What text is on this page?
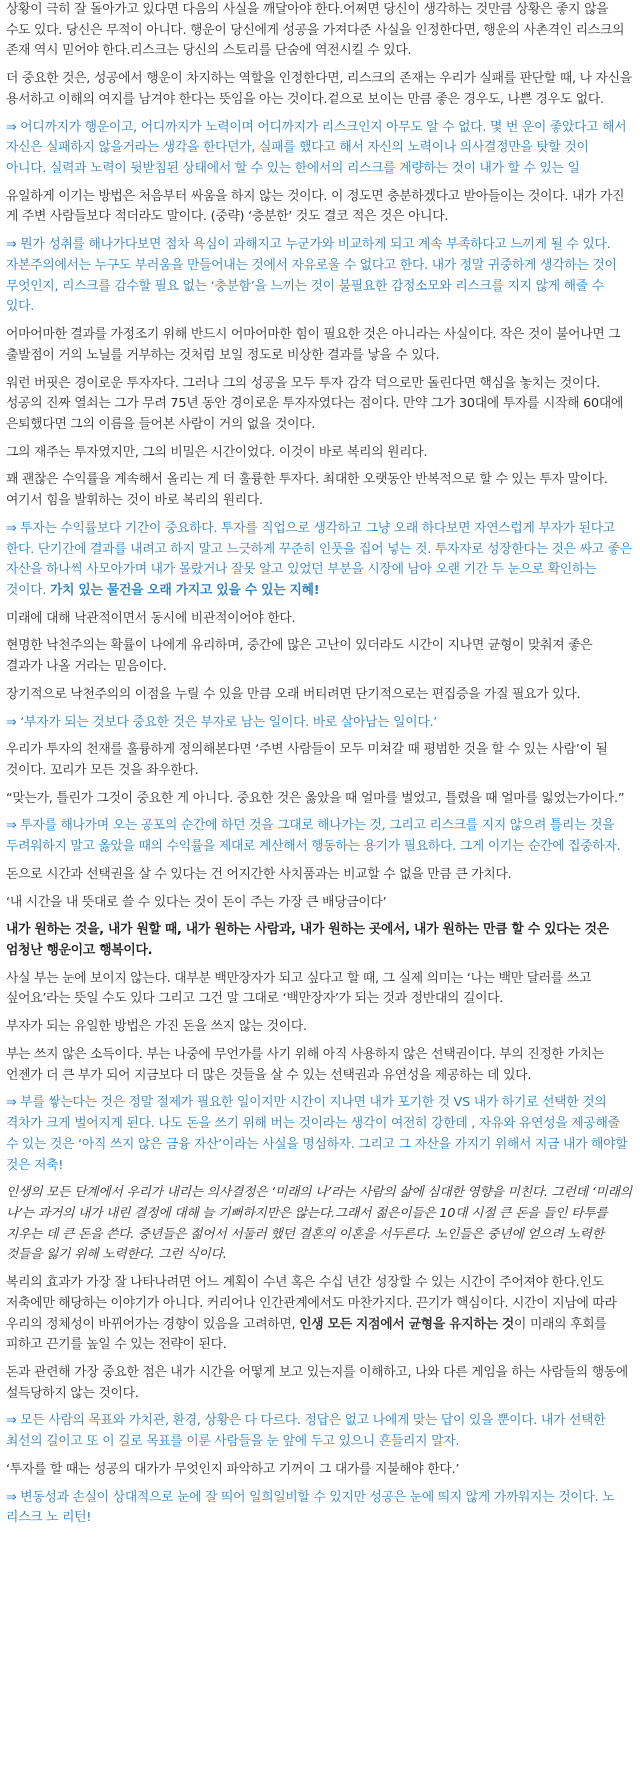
상황이 극히 잘 돌아가고 있다면 다음의 사실을 깨달아야 한다.어쩌면 당신이 생각하는 것만큼 상황은 좋지 않을 수도 있다. 당신은 무적이 아니다. 행운이 당신에게 성공을 가져다준 사실을 인정한다면, 행운의 사촌격인 리스크의 존재 역시 믿어야 한다.리스크는 당신의 스토리를 단숨에 역전시킬 수 있다.

더 중요한 것은, 성공에서 행운이 차지하는 역할을 인정한다면, 리스크의 존재는 우리가 실패를 판단할 때, 나 자신을 용서하고 이해의 여지를 남겨야 한다는 뜻임을 아는 것이다.겉으로 보이는 만큼 좋은 경우도, 나쁜 경우도 없다.

⇒ 어디까지가 행운이고, 어디까지가 노력이며 어디까지가 리스크인지 아무도 알 수 없다. 몇 번 운이 좋았다고 해서 자신은 실패하지 않을거라는 생각을 한다던가, 실패를 했다고 해서 자신의 노력이나 의사결정만을 탓할 것이 아니다. 실력과 노력이 뒷받침된 상태에서 할 수 있는 한에서의 리스크를 계량하는 것이 내가 할 수 있는 일

유일하게 이기는 방법은 처음부터 싸움을 하지 않는 것이다. 이 정도면 충분하겠다고 받아들이는 것이다. 내가 가진 게 주변 사람들보다 적더라도 말이다. (중략) ‘충분한’ 것도 결코 적은 것은 아니다.

⇒ 뭔가 성취를 해나가다보면 점차 욕심이 과해지고 누군가와 비교하게 되고 계속 부족하다고 느끼게 될 수 있다. 자본주의에서는 누구도 부러움을 만들어내는 것에서 자유로울 수 없다고 한다. 내가 정말 귀중하게 생각하는 것이 무엇인지, 리스크를 감수할 필요 없는 ‘충분함’을 느끼는 것이 불필요한 감정소모와 리스크를 지지 않게 해줄 수 있다.

어마어마한 결과를 가정조기 위해 반드시 어마어마한 힘이 필요한 것은 아니라는 사실이다. 작은 것이 불어나면 그 출발점이 거의 노닐를 거부하는 것처럼 보일 정도로 비상한 결과를 낳을 수 있다.

워런 버핏은 경이로운 투자자다. 그러나 그의 성공을 모두 투자 감각 덕으로만 돌린다면 핵심을 놓치는 것이다. 성공의 진짜 열쇠는 그가 무려 75년 동안 경이로운 투자자였다는 점이다. 만약 그가 30대에 투자를 시작해 60대에 은퇴했다면 그의 이름을 들어본 사람이 거의 없을 것이다.

그의 재주는 투자였지만, 그의 비밀은 시간이었다. 이것이 바로 복리의 원리다.

꽤 괜찮은 수익률을 계속해서 올리는 게 더 훌륭한 투자다. 최대한 오랫동안 반복적으로 할 수 있는 투자 말이다. 여기서 힘을 발휘하는 것이 바로 복리의 원리다.

⇒ 투자는 수익률보다 기간이 중요하다. 투자를 직업으로 생각하고 그냥 오래 하다보면 자연스럽게 부자가 된다고 한다. 단기간에 결과를 내려고 하지 말고 느긋하게 꾸준히 인풋을 집어 넣는 것. 투자자로 성장한다는 것은 싸고 좋은 자산을 하나씩 사모아가며 내가 몰랐거나 잘못 알고 있었던 부분을 시장에 남아 오랜 기간 두 눈으로 확인하는 것이다. 가치 있는 물건을 오래 가지고 있을 수 있는 지혜!

미래에 대해 낙관적이면서 동시에 비관적이어야 한다.

현명한 낙천주의는 확률이 나에게 유리하며, 중간에 많은 고난이 있더라도 시간이 지나면 균형이 맞춰져 좋은 결과가 나올 거라는 믿음이다.

장기적으로 낙천주의의 이점을 누릴 수 있을 만큼 오래 버티려면 단기적으로는 편집증을 가질 필요가 있다.

⇒ ‘부자가 되는 것보다 중요한 것은 부자로 남는 일이다. 바로 살아남는 일이다.’

우리가 투자의 천재를 훌륭하게 정의해본다면 ‘주변 사람들이 모두 미쳐갈 때 평범한 것을 할 수 있는 사람’이 될 것이다. 꼬리가 모든 것을 좌우한다.

“맞는가, 틀린가 그것이 중요한 게 아니다. 중요한 것은 옳았을 때 얼마를 벌었고, 틀렸을 때 얼마를 잃었는가이다.”

⇒ 투자를 해나가며 오는 공포의 순간에 하던 것을 그대로 해나가는 것, 그리고 리스크를 지지 않으려 틀리는 것을 두려워하지 말고 옳았을 때의 수익률을 제대로 계산해서 행동하는 용기가 필요하다. 그게 이기는 순간에 집중하자.

돈으로 시간과 선택권을 살 수 있다는 건 어지간한 사치품과는 비교할 수 없을 만큼 큰 가치다.

‘내 시간을 내 뜻대로 쓸 수 있다는 것이 돈이 주는 가장 큰 배당금이다’

내가 원하는 것을, 내가 원할 때, 내가 원하는 사람과, 내가 원하는 곳에서, 내가 원하는 만큼 할 수 있다는 것은 엄청난 행운이고 행복이다.

사실 부는 눈에 보이지 않는다. 대부분 백만장자가 되고 싶다고 할 때, 그 실제 의미는 ‘나는 백만 달러를 쓰고 싶어요’라는 뜻일 수도 있다 그리고 그건 말 그대로 ‘백만장자’가 되는 것과 정반대의 길이다.

부자가 되는 유일한 방법은 가진 돈을 쓰지 않는 것이다.

부는 쓰지 않은 소득이다. 부는 나중에 무언가를 사기 위해 아직 사용하지 않은 선택권이다. 부의 진정한 가치는 언젠가 더 큰 부가 되어 지금보다 더 많은 것들을 살 수 있는 선택권과 유연성을 제공하는 데 있다.

⇒ 부를 쌓는다는 것은 정말 절제가 필요한 일이지만 시간이 지나면 내가 포기한 것 VS 내가 하기로 선택한 것의 격차가 크게 벌어지게 된다. 나도 돈을 쓰기 위해 버는 것이라는 생각이 여전히 강한데 , 자유와 유연성을 제공해줄 수 있는 것은 ‘아직 쓰지 않은 금융 자산’이라는 사실을 명심하자. 그리고 그 자산을 가지기 위해서 지금 내가 해야할 것은 저축!

인생의 모든 단계에서 우리가 내리는 의사결정은 ‘미래의 나’라는 사람의 삶에 심대한 영향을 미친다. 그런데 ‘미래의 나’는 과거의 내가 내린 결정에 대해 늘 기뻐하지만은 않는다.그래서 젊은이들은 10대 시절 큰 돈을 들인 타투를 지우는 데 큰 돈을 쓴다. 중년들은 젊어서 서둘러 했던 결혼의 이혼을 서두른다. 노인들은 중년에 얻으려 노력한 것들을 잃기 위해 노력한다. 그런 식이다.

복리의 효과가 가장 잘 나타나려면 어느 계획이 수년 혹은 수십 년간 성장할 수 있는 시간이 주어져야 한다.인도 저축에만 해당하는 이야기가 아니다. 커리어나 인간관계에서도 마찬가지다. 끈기가 핵심이다. 시간이 지남에 따라 우리의 정체성이 바뀌어가는 경향이 있음을 고려하면, 인생 모든 지점에서 균형을 유지하는 것이 미래의 후회를 피하고 끈기를 높일 수 있는 전략이 된다.

돈과 관련해 가장 중요한 점은 내가 시간을 어떻게 보고 있는지를 이해하고, 나와 다른 게임을 하는 사람들의 행동에 설득당하지 않는 것이다.

⇒ 모든 사람의 목표와 가치관, 환경, 상황은 다 다르다. 정답은 없고 나에게 맞는 답이 있을 뿐이다. 내가 선택한 최선의 길이고 또 이 길로 목표를 이룬 사람들을 눈 앞에 두고 있으니 흔들리지 말자.

‘투자를 할 때는 성공의 대가가 무엇인지 파악하고 기꺼이 그 대가를 지불해야 한다.’

⇒ 변동성과 손실이 상대적으로 눈에 잘 띄어 일희일비할 수 있지만 성공은 눈에 띄지 않게 가까워지는 것이다. 노 리스크 노 리턴!
